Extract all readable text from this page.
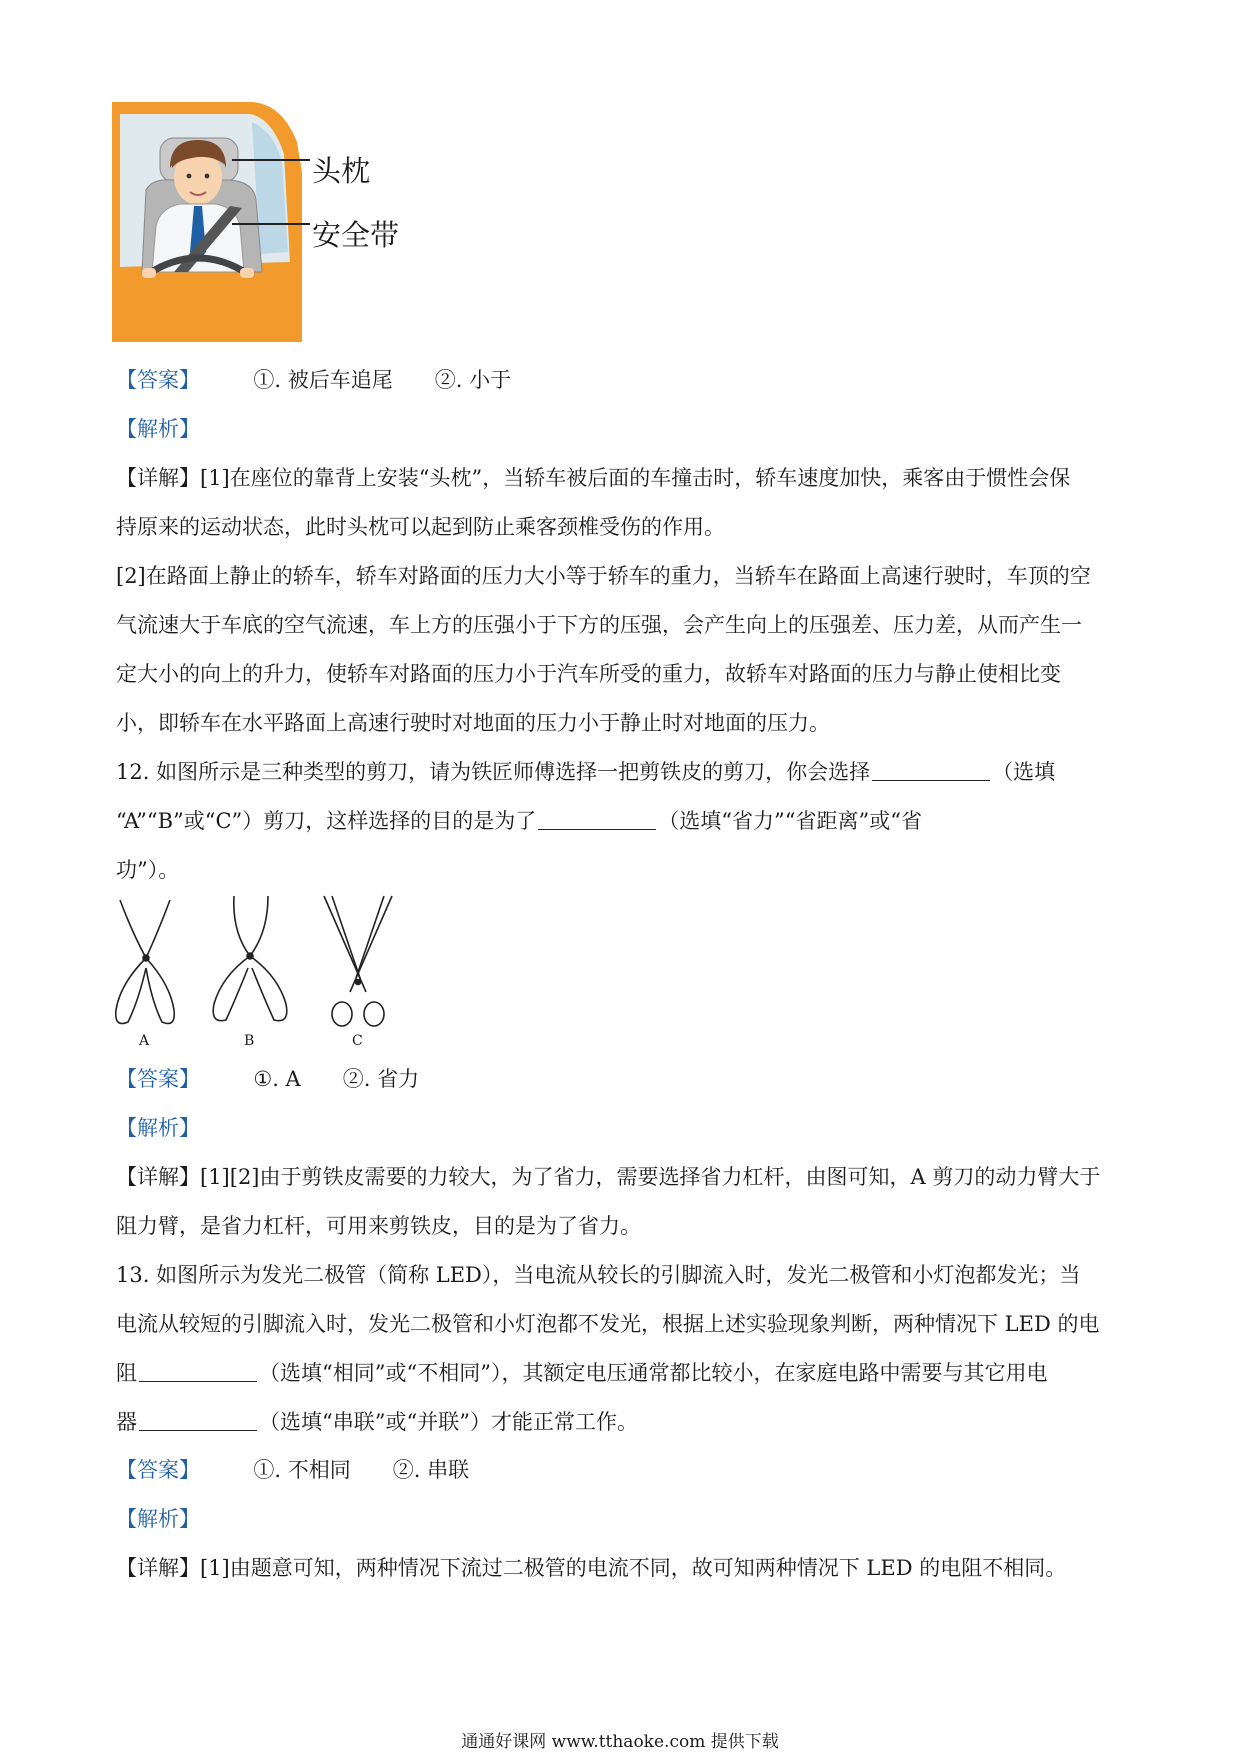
头枕
安全带
【答案】	①. 被后车追尾　　②. 小于
【解析】
【详解】[1]在座位的靠背上安装“头枕”，当轿车被后面的车撞击时，轿车速度加快，乘客由于惯性会保
持原来的运动状态，此时头枕可以起到防止乘客颈椎受伤的作用。
[2]在路面上静止的轿车，轿车对路面的压力大小等于轿车的重力，当轿车在路面上高速行驶时，车顶的空
气流速大于车底的空气流速，车上方的压强小于下方的压强，会产生向上的压强差、压力差，从而产生一
定大小的向上的升力，使轿车对路面的压力小于汽车所受的重力，故轿车对路面的压力与静止使相比变
小，即轿车在水平路面上高速行驶时对地面的压力小于静止时对地面的压力。
12. 如图所示是三种类型的剪刀，请为铁匠师傅选择一把剪铁皮的剪刀，你会选择	（选填
“A”“B”或“C”）剪刀，这样选择的目的是为了	（选填“省力”“省距离”或“省
功”）。
A	B	C
【答案】	①. A　　②. 省力
【解析】
【详解】[1][2]由于剪铁皮需要的力较大，为了省力，需要选择省力杠杆，由图可知，A 剪刀的动力臂大于
阻力臂，是省力杠杆，可用来剪铁皮，目的是为了省力。
13. 如图所示为发光二极管（简称 LED），当电流从较长的引脚流入时，发光二极管和小灯泡都发光；当
电流从较短的引脚流入时，发光二极管和小灯泡都不发光，根据上述实验现象判断，两种情况下 LED 的电
阻	（选填“相同”或“不相同”），其额定电压通常都比较小，在家庭电路中需要与其它用电
器	（选填“串联”或“并联”）才能正常工作。
【答案】	①. 不相同　　②. 串联
【解析】
【详解】[1]由题意可知，两种情况下流过二极管的电流不同，故可知两种情况下 LED 的电阻不相同。
通通好课网 www.tthaoke.com 提供下载
